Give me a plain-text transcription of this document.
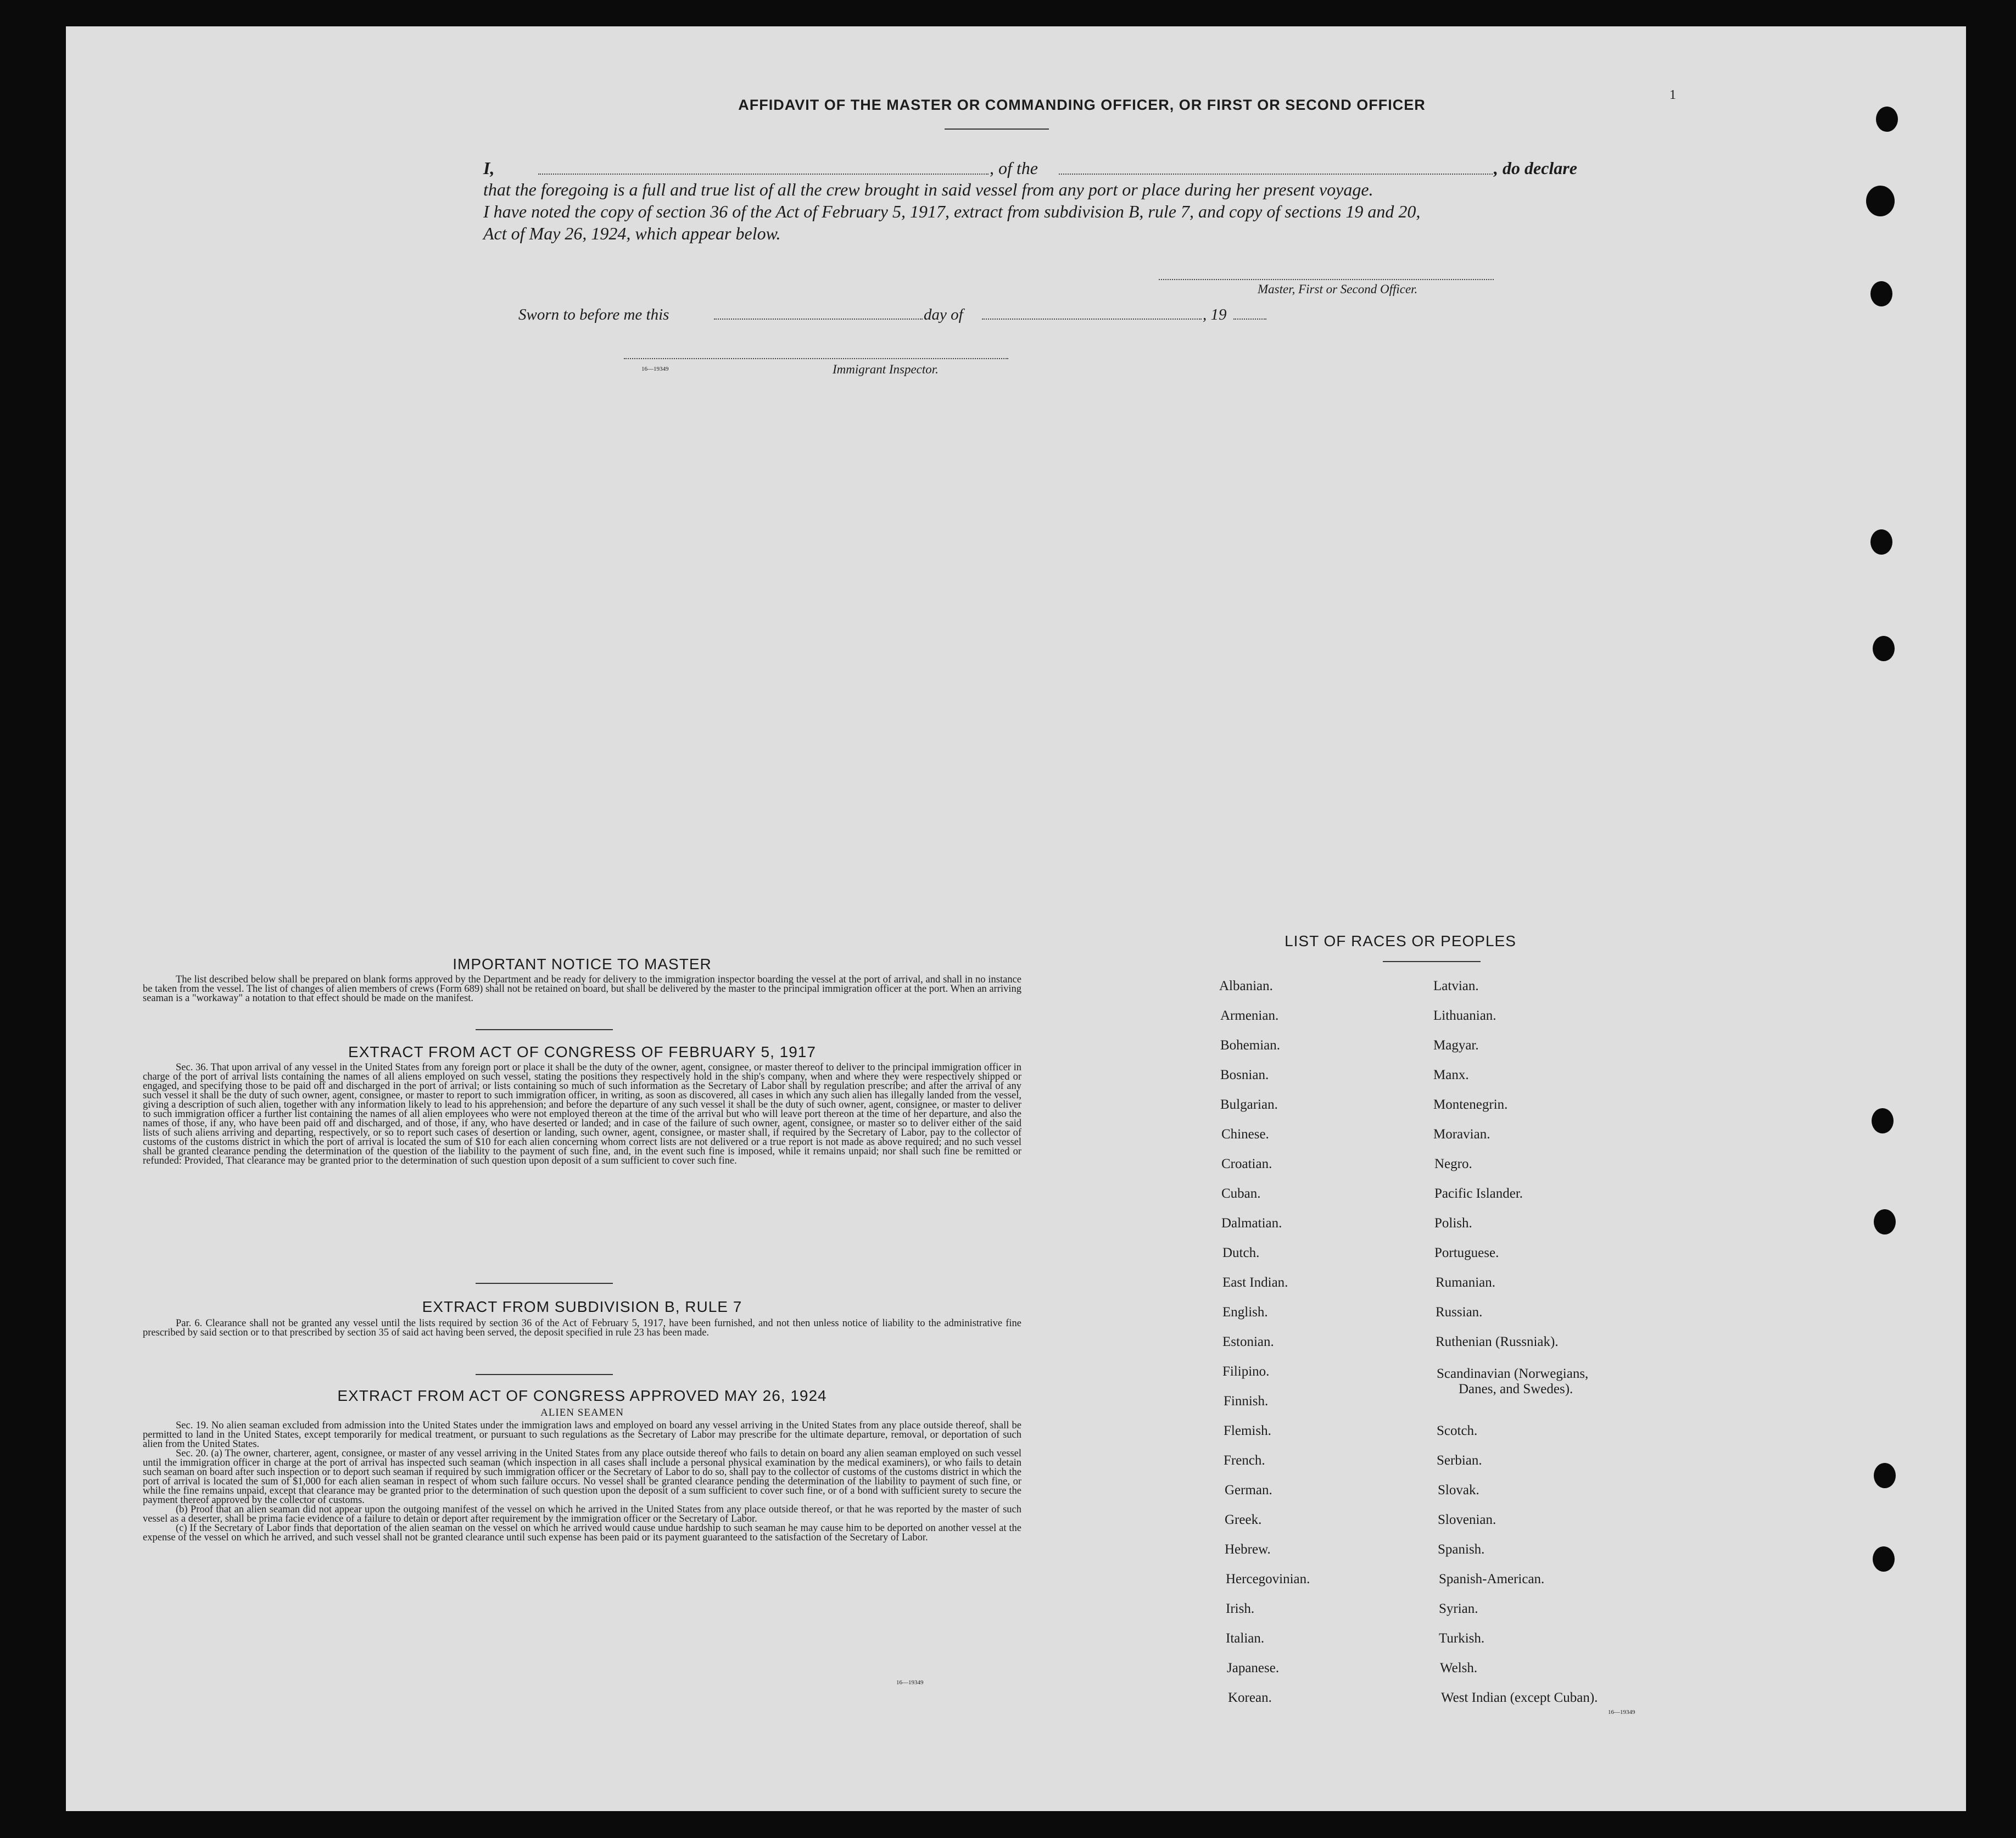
1
AFFIDAVIT OF THE MASTER OR COMMANDING OFFICER, OR FIRST OR SECOND OFFICER
I,	, of the	, do declare
that the foregoing is a full and true list of all the crew brought in said vessel from any port or place during her present voyage.
I have noted the copy of section 36 of the Act of February 5, 1917, extract from subdivision B, rule 7, and copy of sections 19 and 20,
Act of May 26, 1924, which appear below.
Master, First or Second Officer.
Sworn to before me this	day of	, 19
16—19349	Immigrant Inspector.
IMPORTANT NOTICE TO MASTER
The list described below shall be prepared on blank forms approved by the Department and be ready for delivery to the immigration inspector boarding the vessel at the port of arrival, and shall in no instance be taken from the vessel. The list of changes of alien members of crews (Form 689) shall not be retained on board, but shall be delivered by the master to the principal immigration officer at the port. When an arriving seaman is a "workaway" a notation to that effect should be made on the manifest.
EXTRACT FROM ACT OF CONGRESS OF FEBRUARY 5, 1917
Sec. 36. That upon arrival of any vessel in the United States from any foreign port or place it shall be the duty of the owner, agent, consignee, or master thereof to deliver to the principal immigration officer in charge of the port of arrival lists containing the names of all aliens employed on such vessel, stating the positions they respectively hold in the ship's company, when and where they were respectively shipped or engaged, and specifying those to be paid off and discharged in the port of arrival; or lists containing so much of such information as the Secretary of Labor shall by regulation prescribe; and after the arrival of any such vessel it shall be the duty of such owner, agent, consignee, or master to report to such immigration officer, in writing, as soon as discovered, all cases in which any such alien has illegally landed from the vessel, giving a description of such alien, together with any information likely to lead to his apprehension; and before the departure of any such vessel it shall be the duty of such owner, agent, consignee, or master to deliver to such immigration officer a further list containing the names of all alien employees who were not employed thereon at the time of the arrival but who will leave port thereon at the time of her departure, and also the names of those, if any, who have been paid off and discharged, and of those, if any, who have deserted or landed; and in case of the failure of such owner, agent, consignee, or master so to deliver either of the said lists of such aliens arriving and departing, respectively, or so to report such cases of desertion or landing, such owner, agent, consignee, or master shall, if required by the Secretary of Labor, pay to the collector of customs of the customs district in which the port of arrival is located the sum of $10 for each alien concerning whom correct lists are not delivered or a true report is not made as above required; and no such vessel shall be granted clearance pending the determination of the question of the liability to the payment of such fine, and, in the event such fine is imposed, while it remains unpaid; nor shall such fine be remitted or refunded: Provided, That clearance may be granted prior to the determination of such question upon deposit of a sum sufficient to cover such fine.
EXTRACT FROM SUBDIVISION B, RULE 7
Par. 6. Clearance shall not be granted any vessel until the lists required by section 36 of the Act of February 5, 1917, have been furnished, and not then unless notice of liability to the administrative fine prescribed by said section or to that prescribed by section 35 of said act having been served, the deposit specified in rule 23 has been made.
EXTRACT FROM ACT OF CONGRESS APPROVED MAY 26, 1924
ALIEN SEAMEN
Sec. 19. No alien seaman excluded from admission into the United States under the immigration laws and employed on board any vessel arriving in the United States from any place outside thereof, shall be permitted to land in the United States, except temporarily for medical treatment, or pursuant to such regulations as the Secretary of Labor may prescribe for the ultimate departure, removal, or deportation of such alien from the United States.
Sec. 20. (a) The owner, charterer, agent, consignee, or master of any vessel arriving in the United States from any place outside thereof who fails to detain on board any alien seaman employed on such vessel until the immigration officer in charge at the port of arrival has inspected such seaman (which inspection in all cases shall include a personal physical examination by the medical examiners), or who fails to detain such seaman on board after such inspection or to deport such seaman if required by such immigration officer or the Secretary of Labor to do so, shall pay to the collector of customs of the customs district in which the port of arrival is located the sum of $1,000 for each alien seaman in respect of whom such failure occurs. No vessel shall be granted clearance pending the determination of the liability to payment of such fine, or while the fine remains unpaid, except that clearance may be granted prior to the determination of such question upon the deposit of a sum sufficient to cover such fine, or of a bond with sufficient surety to secure the payment thereof approved by the collector of customs.
(b) Proof that an alien seaman did not appear upon the outgoing manifest of the vessel on which he arrived in the United States from any place outside thereof, or that he was reported by the master of such vessel as a deserter, shall be prima facie evidence of a failure to detain or deport after requirement by the immigration officer or the Secretary of Labor.
(c) If the Secretary of Labor finds that deportation of the alien seaman on the vessel on which he arrived would cause undue hardship to such seaman he may cause him to be deported on another vessel at the expense of the vessel on which he arrived, and such vessel shall not be granted clearance until such expense has been paid or its payment guaranteed to the satisfaction of the Secretary of Labor.
16—19349
LIST OF RACES OR PEOPLES
Albanian.
Armenian.
Bohemian.
Bosnian.
Bulgarian.
Chinese.
Croatian.
Cuban.
Dalmatian.
Dutch.
East Indian.
English.
Estonian.
Filipino.
Finnish.
Flemish.
French.
German.
Greek.
Hebrew.
Hercegovinian.
Irish.
Italian.
Japanese.
Korean.
Latvian.
Lithuanian.
Magyar.
Manx.
Montenegrin.
Moravian.
Negro.
Pacific Islander.
Polish.
Portuguese.
Rumanian.
Russian.
Ruthenian (Russniak).
Scandinavian (Norwegians,
Danes, and Swedes).
Scotch.
Serbian.
Slovak.
Slovenian.
Spanish.
Spanish-American.
Syrian.
Turkish.
Welsh.
West Indian (except Cuban).
16—19349
